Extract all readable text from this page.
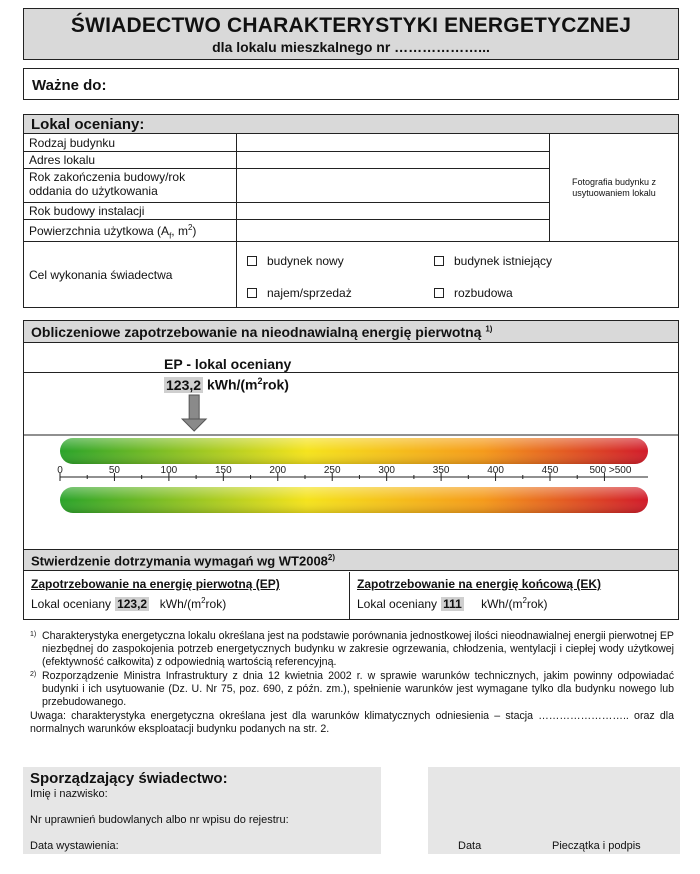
ŚWIADECTWO CHARAKTERYSTYKI ENERGETYCZNEJ
dla lokalu mieszkalnego nr ………………...
Ważne do:
Lokal oceniany:
Rodzaj budynku
Adres lokalu
Rok zakończenia budowy/rok oddania do użytkowania
Rok budowy instalacji
Powierzchnia użytkowa ($A_f$, $m^2$)
Fotografia budynku z usytuowaniem lokalu
Cel wykonania świadectwa
budynek nowy	budynek istniejący
najem/sprzedaż	rozbudowa
Obliczeniowe zapotrzebowanie na nieodnawialną energię pierwotną $^{1)}$
EP - lokal oceniany
123,2 kWh/$(m^2rok)$
0	50	100	150	200	250	300	350	400	450	500 >500
Stwierdzenie dotrzymania wymagań wg WT2008$^{2)}$
Zapotrzebowanie na energię pierwotną (EP)
Lokal oceniany 123,2 kWh/$(m^2rok)$
Zapotrzebowanie na energię końcową (EK)
Lokal oceniany 111 kWh/$(m^2rok)$
1) Charakterystyka energetyczna lokalu określana jest na podstawie porównania jednostkowej ilości nieodnawialnej energii pierwotnej EP niezbędnej do zaspokojenia potrzeb energetycznych budynku w zakresie ogrzewania, chłodzenia, wentylacji i ciepłej wody użytkowej (efektywność całkowita) z odpowiednią wartością referencyjną.
2) Rozporządzenie Ministra Infrastruktury z dnia 12 kwietnia 2002 r. w sprawie warunków technicznych, jakim powinny odpowiadać budynki i ich usytuowanie (Dz. U. Nr 75, poz. 690, z późn. zm.), spełnienie warunków jest wymagane tylko dla budynku nowego lub przebudowanego.
Uwaga: charakterystyka energetyczna określana jest dla warunków klimatycznych odniesienia – stacja …………………….. oraz dla normalnych warunków eksploatacji budynku podanych na str. 2.
Sporządzający świadectwo:
Imię i nazwisko:
Nr uprawnień budowlanych albo nr wpisu do rejestru:
Data wystawienia:	Data	Pieczątka i podpis
